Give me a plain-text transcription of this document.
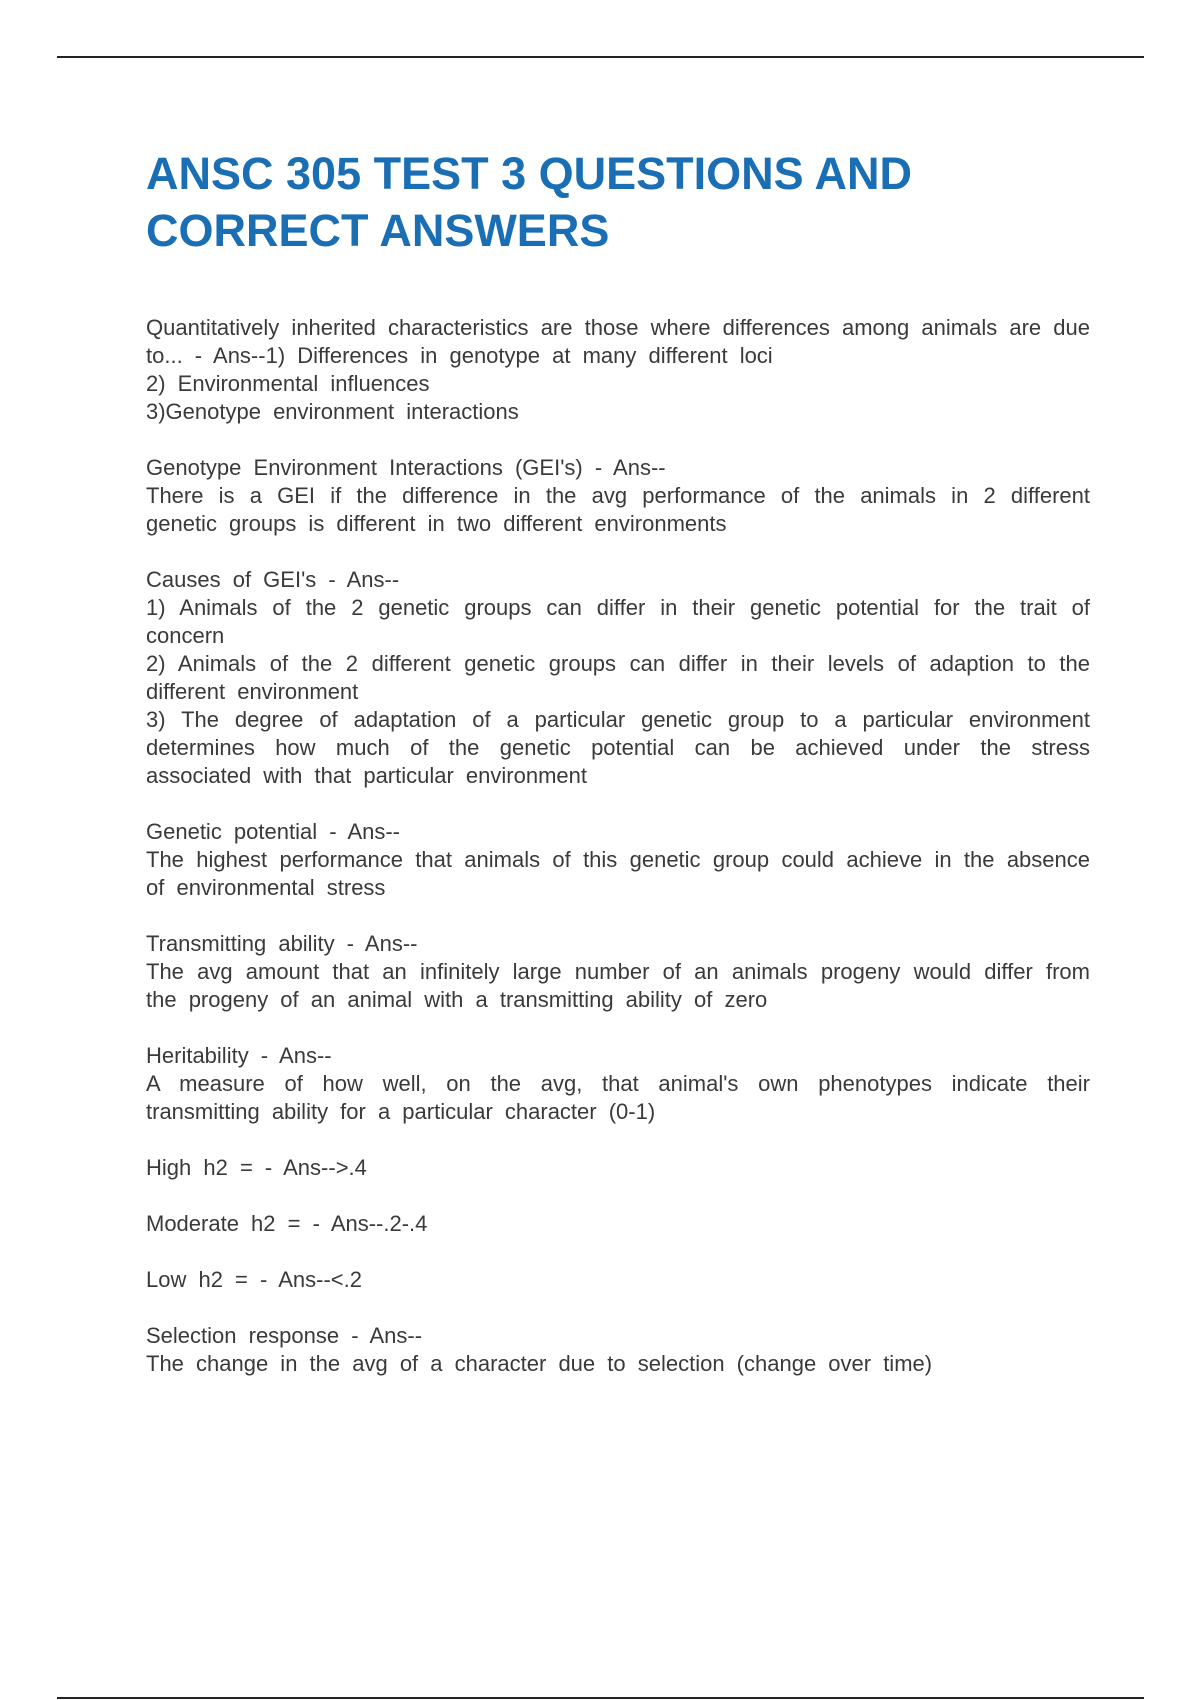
ANSC 305 TEST 3 QUESTIONS AND CORRECT ANSWERS

Quantitatively inherited characteristics are those where differences among animals are due to... - Ans--1) Differences in genotype at many different loci

2) Environmental influences

3)Genotype environment interactions

Genotype Environment Interactions (GEI's) - Ans--

There is a GEI if the difference in the avg performance of the animals in 2 different genetic groups is different in two different environments

Causes of GEI's - Ans--

1) Animals of the 2 genetic groups can differ in their genetic potential for the trait of concern

2) Animals of the 2 different genetic groups can differ in their levels of adaption to the different environment

3) The degree of adaptation of a particular genetic group to a particular environment determines how much of the genetic potential can be achieved under the stress associated with that particular environment

Genetic potential - Ans--

The highest performance that animals of this genetic group could achieve in the absence of environmental stress

Transmitting ability - Ans--

The avg amount that an infinitely large number of an animals progeny would differ from the progeny of an animal with a transmitting ability of zero

Heritability - Ans--

A measure of how well, on the avg, that animal's own phenotypes indicate their transmitting ability for a particular character (0-1)

High h2 = - Ans-->.4

Moderate h2 = - Ans--.2-.4

Low h2 = - Ans--<.2

Selection response - Ans--

The change in the avg of a character due to selection (change over time)
